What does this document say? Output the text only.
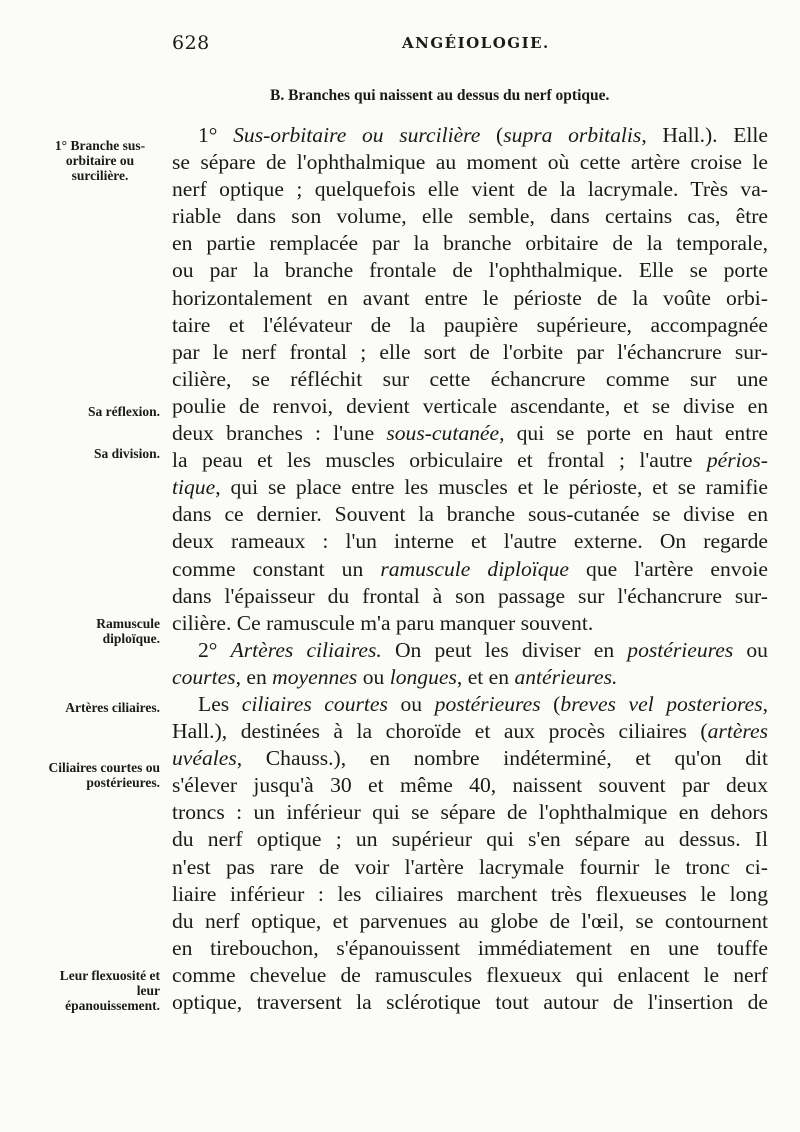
628	ANGÉIOLOGIE.
B. Branches qui naissent au dessus du nerf optique.
1° Branche sus-orbitaire ou surcilière.
Sa réflexion.
Sa division.
Ramuscule diploïque.
Artères ciliaires.
Ciliaires courtes ou postérieures.
Leur flexuosité et leur épanouissement.
1° Sus-orbitaire ou surcilière (supra orbitalis, Hall.). Elle
se sépare de l'ophthalmique au moment où cette artère croise le
nerf optique ; quelquefois elle vient de la lacrymale. Très va-
riable dans son volume, elle semble, dans certains cas, être
en partie remplacée par la branche orbitaire de la temporale,
ou par la branche frontale de l'ophthalmique. Elle se porte
horizontalement en avant entre le périoste de la voûte orbi-
taire et l'élévateur de la paupière supérieure, accompagnée
par le nerf frontal ; elle sort de l'orbite par l'échancrure sur-
cilière, se réfléchit sur cette échancrure comme sur une
poulie de renvoi, devient verticale ascendante, et se divise en
deux branches : l'une sous-cutanée, qui se porte en haut entre
la peau et les muscles orbiculaire et frontal ; l'autre périos-
tique, qui se place entre les muscles et le périoste, et se ramifie
dans ce dernier. Souvent la branche sous-cutanée se divise en
deux rameaux : l'un interne et l'autre externe. On regarde
comme constant un ramuscule diploïque que l'artère envoie
dans l'épaisseur du frontal à son passage sur l'échancrure sur-
cilière. Ce ramuscule m'a paru manquer souvent.
2° Artères ciliaires. On peut les diviser en postérieures ou
courtes, en moyennes ou longues, et en antérieures.
Les ciliaires courtes ou postérieures (breves vel posteriores,
Hall.), destinées à la choroïde et aux procès ciliaires (artères
uvéales, Chauss.), en nombre indéterminé, et qu'on dit
s'élever jusqu'à 30 et même 40, naissent souvent par deux
troncs : un inférieur qui se sépare de l'ophthalmique en dehors
du nerf optique ; un supérieur qui s'en sépare au dessus. Il
n'est pas rare de voir l'artère lacrymale fournir le tronc ci-
liaire inférieur : les ciliaires marchent très flexueuses le long
du nerf optique, et parvenues au globe de l'œil, se contournent
en tirebouchon, s'épanouissent immédiatement en une touffe
comme chevelue de ramuscules flexueux qui enlacent le nerf
optique, traversent la sclérotique tout autour de l'insertion de
